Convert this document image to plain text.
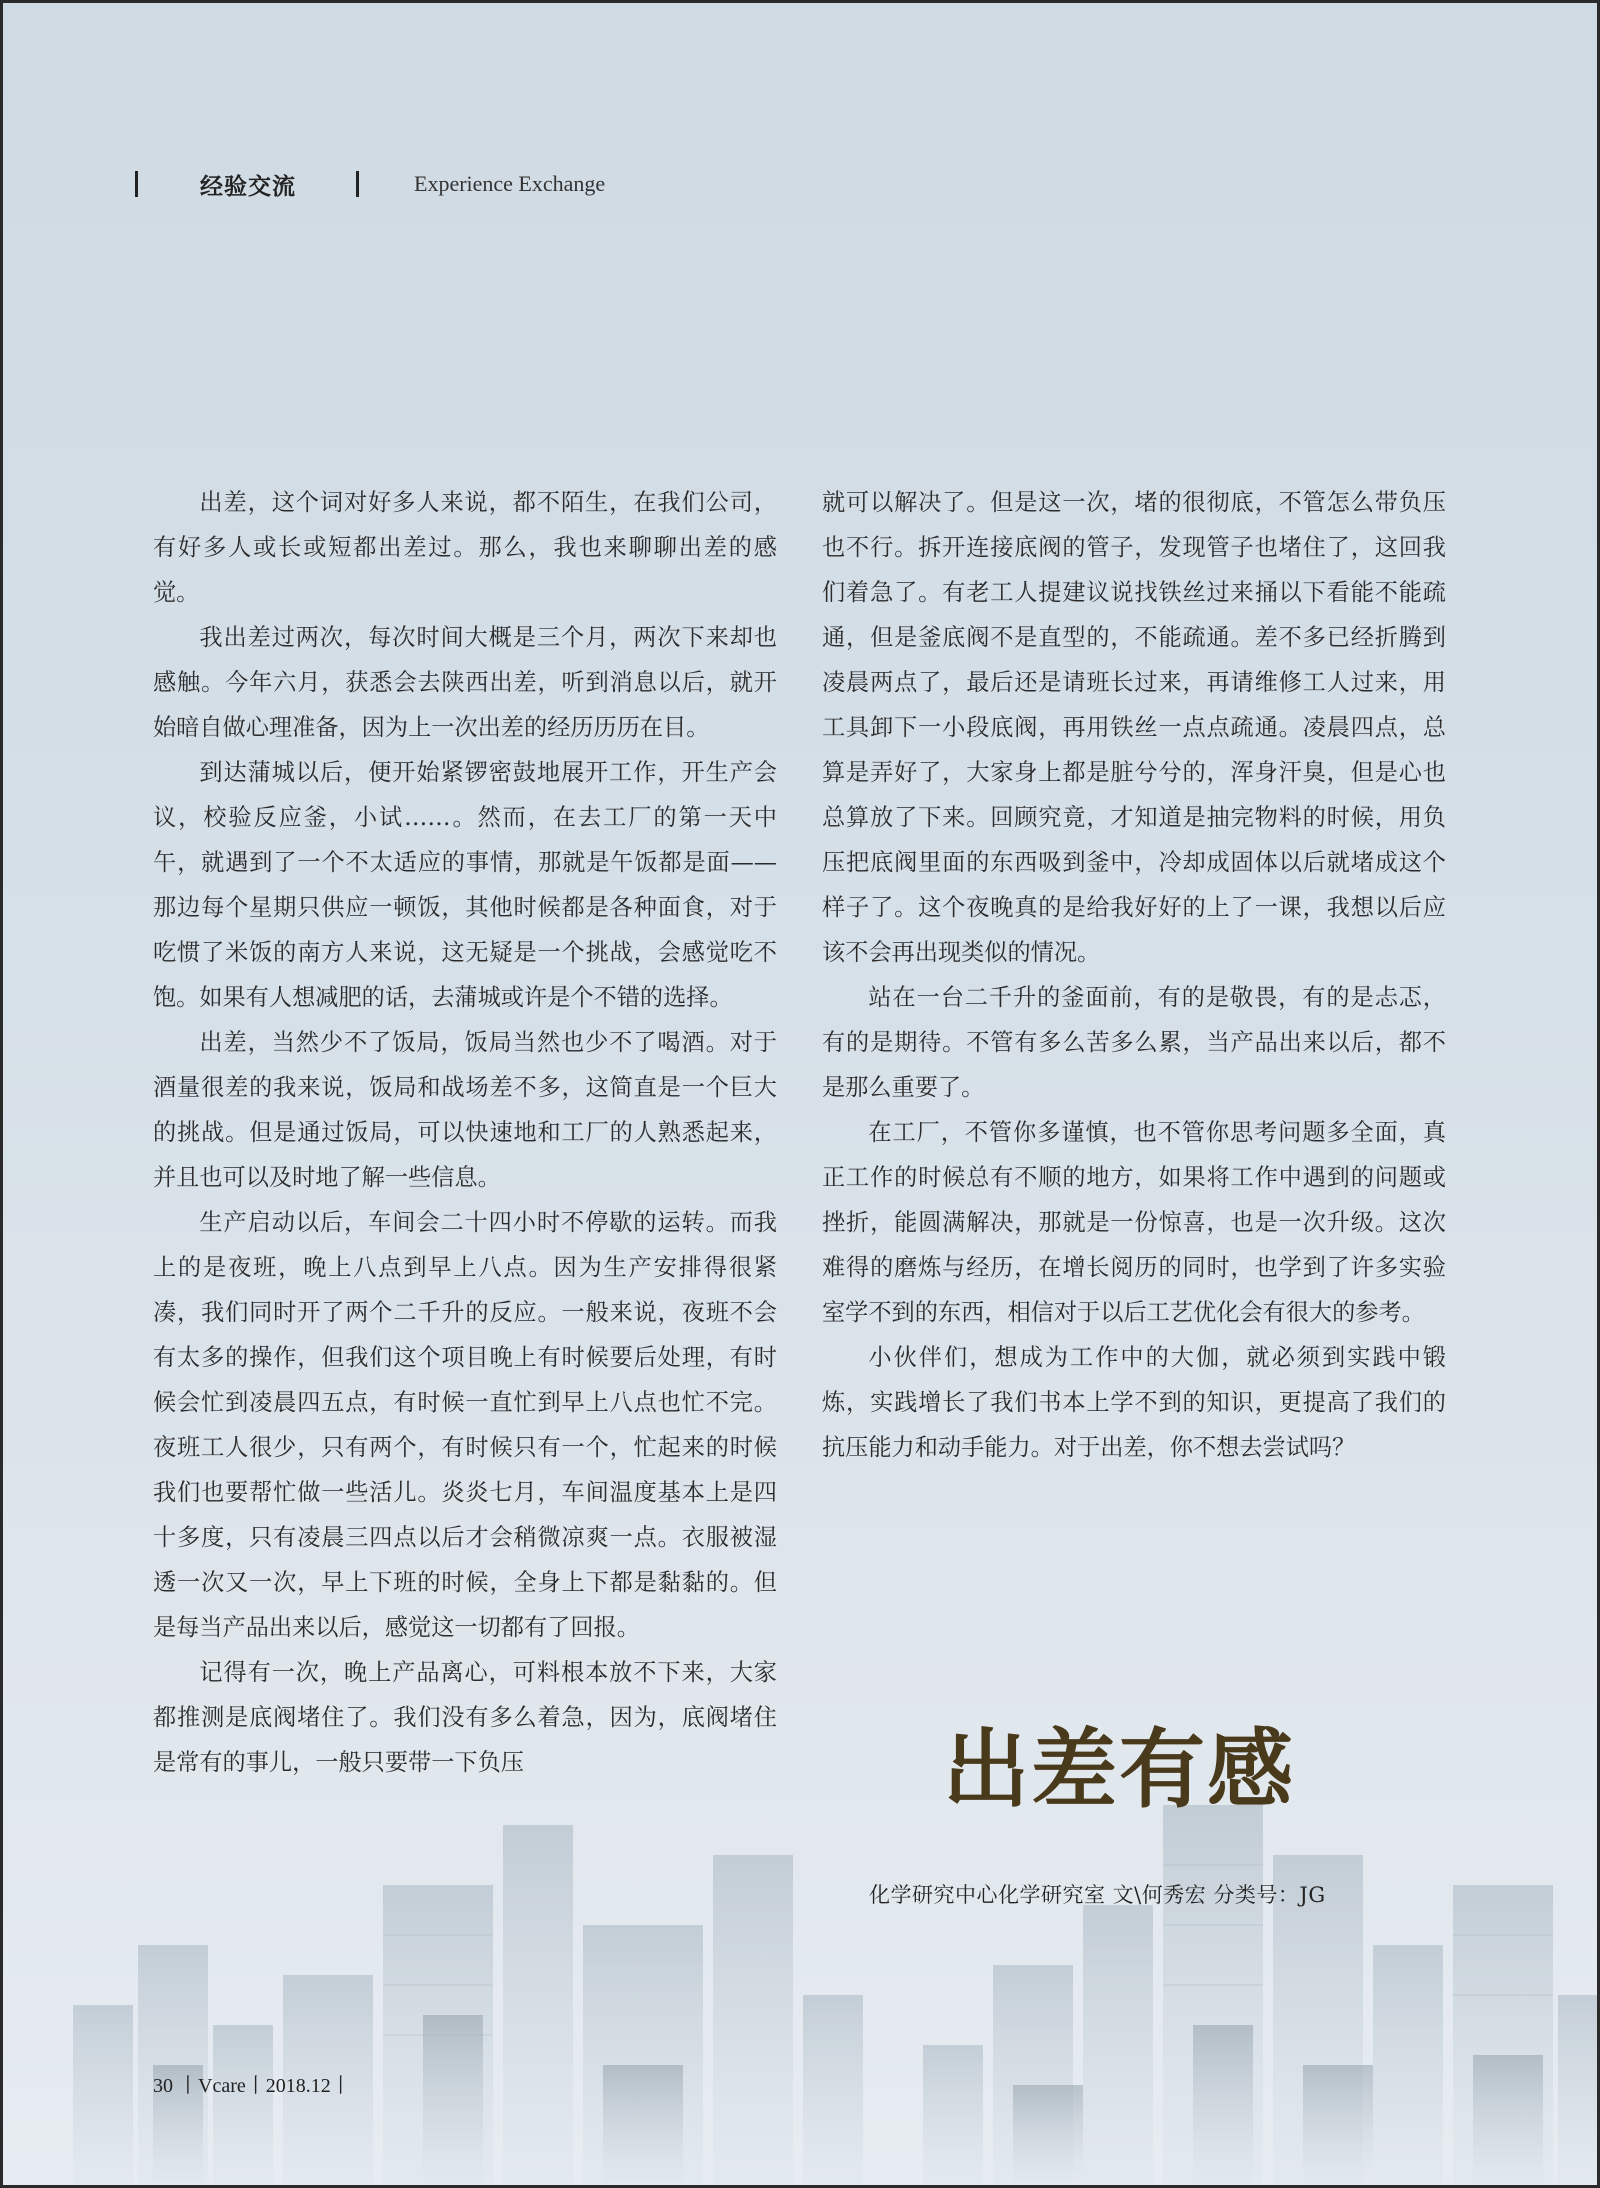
经验交流	Experience Exchange

出差，这个词对好多人来说，都不陌生，在我们公司，有好多人或长或短都出差过。那么，我也来聊聊出差的感觉。

我出差过两次，每次时间大概是三个月，两次下来却也感触。今年六月，获悉会去陕西出差，听到消息以后，就开始暗自做心理准备，因为上一次出差的经历历历在目。

到达蒲城以后，便开始紧锣密鼓地展开工作，开生产会议，校验反应釜，小试……。然而，在去工厂的第一天中午，就遇到了一个不太适应的事情，那就是午饭都是面——那边每个星期只供应一顿饭，其他时候都是各种面食，对于吃惯了米饭的南方人来说，这无疑是一个挑战，会感觉吃不饱。如果有人想减肥的话，去蒲城或许是个不错的选择。

出差，当然少不了饭局，饭局当然也少不了喝酒。对于酒量很差的我来说，饭局和战场差不多，这简直是一个巨大的挑战。但是通过饭局，可以快速地和工厂的人熟悉起来，并且也可以及时地了解一些信息。

生产启动以后，车间会二十四小时不停歇的运转。而我上的是夜班，晚上八点到早上八点。因为生产安排得很紧凑，我们同时开了两个二千升的反应。一般来说，夜班不会有太多的操作，但我们这个项目晚上有时候要后处理，有时候会忙到凌晨四五点，有时候一直忙到早上八点也忙不完。夜班工人很少，只有两个，有时候只有一个，忙起来的时候我们也要帮忙做一些活儿。炎炎七月，车间温度基本上是四十多度，只有凌晨三四点以后才会稍微凉爽一点。衣服被湿透一次又一次，早上下班的时候，全身上下都是黏黏的。但是每当产品出来以后，感觉这一切都有了回报。

记得有一次，晚上产品离心，可料根本放不下来，大家都推测是底阀堵住了。我们没有多么着急，因为，底阀堵住是常有的事儿，一般只要带一下负压

就可以解决了。但是这一次，堵的很彻底，不管怎么带负压也不行。拆开连接底阀的管子，发现管子也堵住了，这回我们着急了。有老工人提建议说找铁丝过来捅以下看能不能疏通，但是釜底阀不是直型的，不能疏通。差不多已经折腾到凌晨两点了，最后还是请班长过来，再请维修工人过来，用工具卸下一小段底阀，再用铁丝一点点疏通。凌晨四点，总算是弄好了，大家身上都是脏兮兮的，浑身汗臭，但是心也总算放了下来。回顾究竟，才知道是抽完物料的时候，用负压把底阀里面的东西吸到釜中，冷却成固体以后就堵成这个样子了。这个夜晚真的是给我好好的上了一课，我想以后应该不会再出现类似的情况。

站在一台二千升的釜面前，有的是敬畏，有的是忐忑，有的是期待。不管有多么苦多么累，当产品出来以后，都不是那么重要了。

在工厂，不管你多谨慎，也不管你思考问题多全面，真正工作的时候总有不顺的地方，如果将工作中遇到的问题或挫折，能圆满解决，那就是一份惊喜，也是一次升级。这次难得的磨炼与经历，在增长阅历的同时，也学到了许多实验室学不到的东西，相信对于以后工艺优化会有很大的参考。

小伙伴们，想成为工作中的大伽，就必须到实践中锻炼，实践增长了我们书本上学不到的知识，更提高了我们的抗压能力和动手能力。对于出差，你不想去尝试吗？

出差有感
化学研究中心化学研究室 文\何秀宏 分类号：JG
30 丨Vcare丨2018.12丨
